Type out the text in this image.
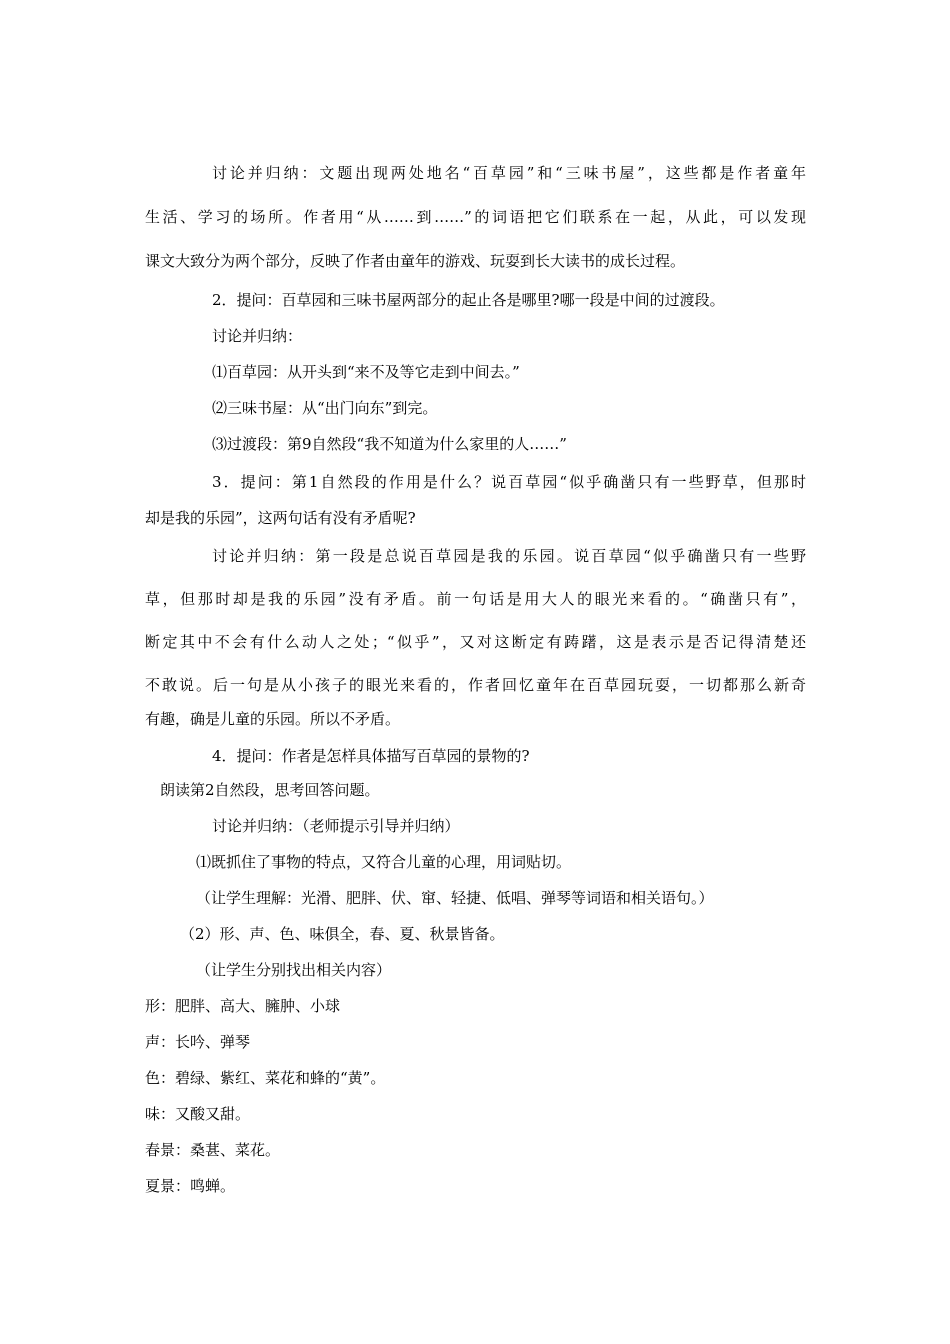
讨论并归纳：文题出现两处地名“百草园”和“三味书屋”，这些都是作者童年
生活、学习的场所。作者用“从……到……”的词语把它们联系在一起，从此，可以发现
课文大致分为两个部分，反映了作者由童年的游戏、玩耍到长大读书的成长过程。
2．提问：百草园和三味书屋两部分的起止各是哪里?哪一段是中间的过渡段。
讨论并归纳：
⑴百草园：从开头到“来不及等它走到中间去。”
⑵三味书屋：从“出门向东”到完。
⑶过渡段：第9自然段“我不知道为什么家里的人……”
3．提问：第1自然段的作用是什么？说百草园“似乎确凿只有一些野草，但那时
却是我的乐园”，这两句话有没有矛盾呢?
讨论并归纳：第一段是总说百草园是我的乐园。说百草园“似乎确凿只有一些野
草，但那时却是我的乐园”没有矛盾。前一句话是用大人的眼光来看的。“确凿只有”，
断定其中不会有什么动人之处；“似乎”，又对这断定有踌躇，这是表示是否记得清楚还
不敢说。后一句是从小孩子的眼光来看的，作者回忆童年在百草园玩耍，一切都那么新奇
有趣，确是儿童的乐园。所以不矛盾。
4．提问：作者是怎样具体描写百草园的景物的?
朗读第2自然段，思考回答问题。
讨论并归纳：（老师提示引导并归纳）
⑴既抓住了事物的特点，又符合儿童的心理，用词贴切。
（让学生理解：光滑、肥胖、伏、窜、轻捷、低唱、弹琴等词语和相关语句。）
（2）形、声、色、味俱全，春、夏、秋景皆备。
（让学生分别找出相关内容）
形：肥胖、高大、臃肿、小球
声：长吟、弹琴
色：碧绿、紫红、菜花和蜂的“黄”。
味：又酸又甜。
春景：桑葚、菜花。
夏景：鸣蝉。
